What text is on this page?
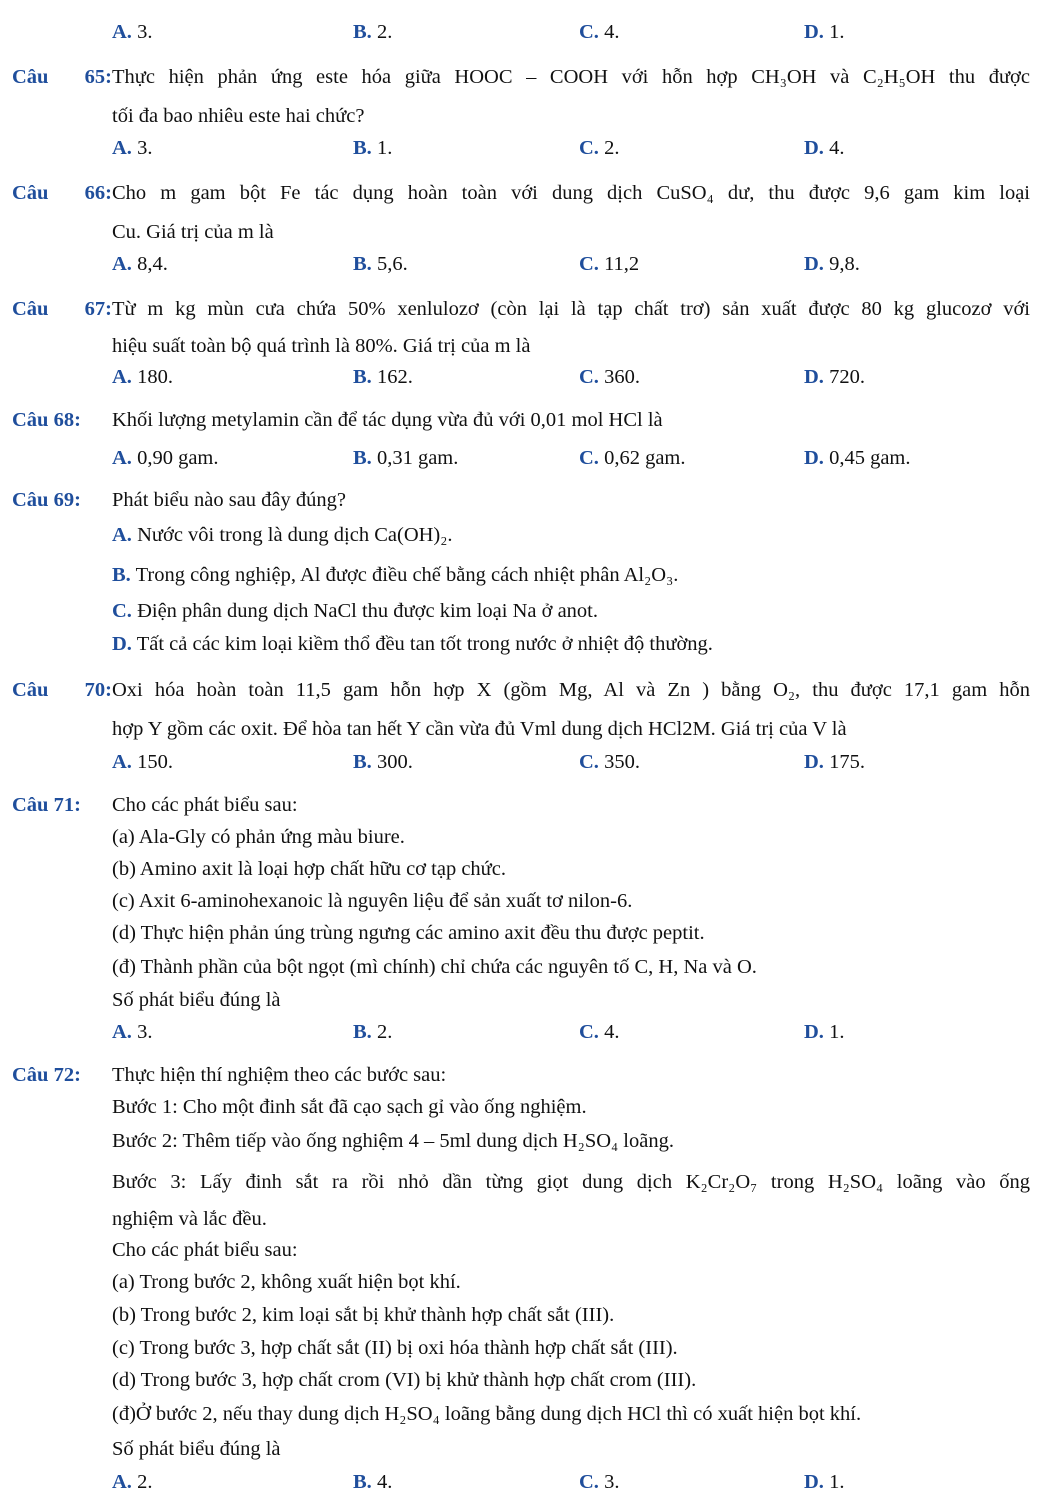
A. 3.	B. 2.	C. 4.	D. 1.
Câu 65:Thực hiện phản ứng este hóa giữa HOOC – COOH với hỗn hợp CH₃OH và C₂H₅OH thu được
tối đa bao nhiêu este hai chức?
A. 3.	B. 1.	C. 2.	D. 4.
Câu 66:Cho m gam bột Fe tác dụng hoàn toàn với dung dịch CuSO₄ dư, thu được 9,6 gam kim loại
Cu. Giá trị của m là
A. 8,4.	B. 5,6.	C. 11,2	D. 9,8.
Câu 67:Từ m kg mùn cưa chứa 50% xenlulozơ (còn lại là tạp chất trơ) sản xuất được 80 kg glucozơ với
hiệu suất toàn bộ quá trình là 80%. Giá trị của m là
A. 180.	B. 162.	C. 360.	D. 720.
Câu 68: Khối lượng metylamin cần để tác dụng vừa đủ với 0,01 mol HCl là
A. 0,90 gam.	B. 0,31 gam.	C. 0,62 gam.	D. 0,45 gam.
Câu 69: Phát biểu nào sau đây đúng?
A. Nước vôi trong là dung dịch Ca(OH)₂.
B. Trong công nghiệp, Al được điều chế bằng cách nhiệt phân Al₂O₃.
C. Điện phân dung dịch NaCl thu được kim loại Na ở anot.
D. Tất cả các kim loại kiềm thổ đều tan tốt trong nước ở nhiệt độ thường.
Câu 70:Oxi hóa hoàn toàn 11,5 gam hỗn hợp X (gồm Mg, Al và Zn ) bằng O₂, thu được 17,1 gam hỗn
hợp Y gồm các oxit. Để hòa tan hết Y cần vừa đủ Vml dung dịch HCl2M. Giá trị của V là
A. 150.	B. 300.	C. 350.	D. 175.
Câu 71: Cho các phát biểu sau:
(a) Ala-Gly có phản ứng màu biure.
(b) Amino axit là loại hợp chất hữu cơ tạp chức.
(c) Axit 6-aminohexanoic là nguyên liệu để sản xuất tơ nilon-6.
(d) Thực hiện phản úng trùng ngưng các amino axit đều thu được peptit.
(đ) Thành phần của bột ngọt (mì chính) chỉ chứa các nguyên tố C, H, Na và O.
Số phát biểu đúng là
A. 3.	B. 2.	C. 4.	D. 1.
Câu 72: Thực hiện thí nghiệm theo các bước sau:
Bước 1: Cho một đinh sắt đã cạo sạch gỉ vào ống nghiệm.
Bước 2: Thêm tiếp vào ống nghiệm 4 – 5ml dung dịch H₂SO₄ loãng.
Bước 3: Lấy đinh sắt ra rồi nhỏ dần từng giọt dung dịch K₂Cr₂O₇ trong H₂SO₄ loãng vào ống
nghiệm và lắc đều.
Cho các phát biểu sau:
(a) Trong bước 2, không xuất hiện bọt khí.
(b) Trong bước 2, kim loại sắt bị khử thành hợp chất sắt (III).
(c) Trong bước 3, hợp chất sắt (II) bị oxi hóa thành hợp chất sắt (III).
(d) Trong bước 3, hợp chất crom (VI) bị khử thành hợp chất crom (III).
(đ)Ở bước 2, nếu thay dung dịch H₂SO₄ loãng bằng dung dịch HCl thì có xuất hiện bọt khí.
Số phát biểu đúng là
A. 2.	B. 4.	C. 3.	D. 1.
